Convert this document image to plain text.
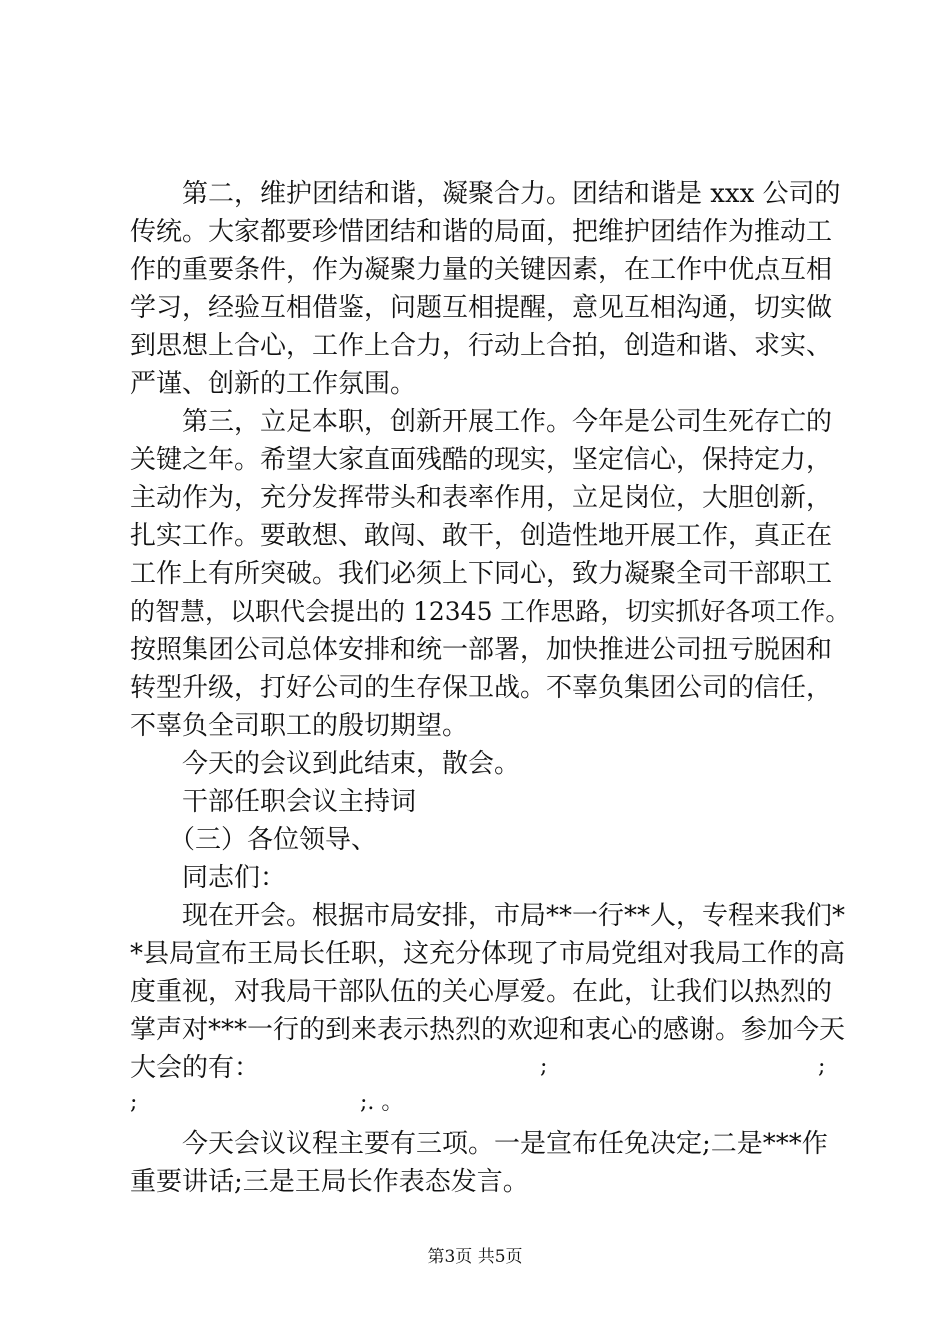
　　第二，维护团结和谐，凝聚合力。团结和谐是 xxx 公司的
传统。大家都要珍惜团结和谐的局面，把维护团结作为推动工
作的重要条件，作为凝聚力量的关键因素，在工作中优点互相
学习，经验互相借鉴，问题互相提醒，意见互相沟通，切实做
到思想上合心，工作上合力，行动上合拍，创造和谐、求实、
严谨、创新的工作氛围。
　　第三，立足本职，创新开展工作。今年是公司生死存亡的
关键之年。希望大家直面残酷的现实，坚定信心，保持定力，
主动作为，充分发挥带头和表率作用，立足岗位，大胆创新，
扎实工作。要敢想、敢闯、敢干，创造性地开展工作，真正在
工作上有所突破。我们必须上下同心，致力凝聚全司干部职工
的智慧，以职代会提出的 12345 工作思路，切实抓好各项工作。
按照集团公司总体安排和统一部署，加快推进公司扭亏脱困和
转型升级，打好公司的生存保卫战。不辜负集团公司的信任，
不辜负全司职工的殷切期望。
　　今天的会议到此结束，散会。
　　干部任职会议主持词
　　（三）各位领导、
　　同志们：
　　现在开会。根据市局安排，市局**一行**人，专程来我们*
*县局宣布王局长任职，这充分体现了市局党组对我局工作的高
度重视，对我局干部队伍的关心厚爱。在此，让我们以热烈的
掌声对***一行的到来表示热烈的欢迎和衷心的感谢。参加今天
大会的有：	;	;
;	;. 。
　　今天会议议程主要有三项。一是宣布任免决定;二是***作
重要讲话;三是王局长作表态发言。
第3页 共5页
